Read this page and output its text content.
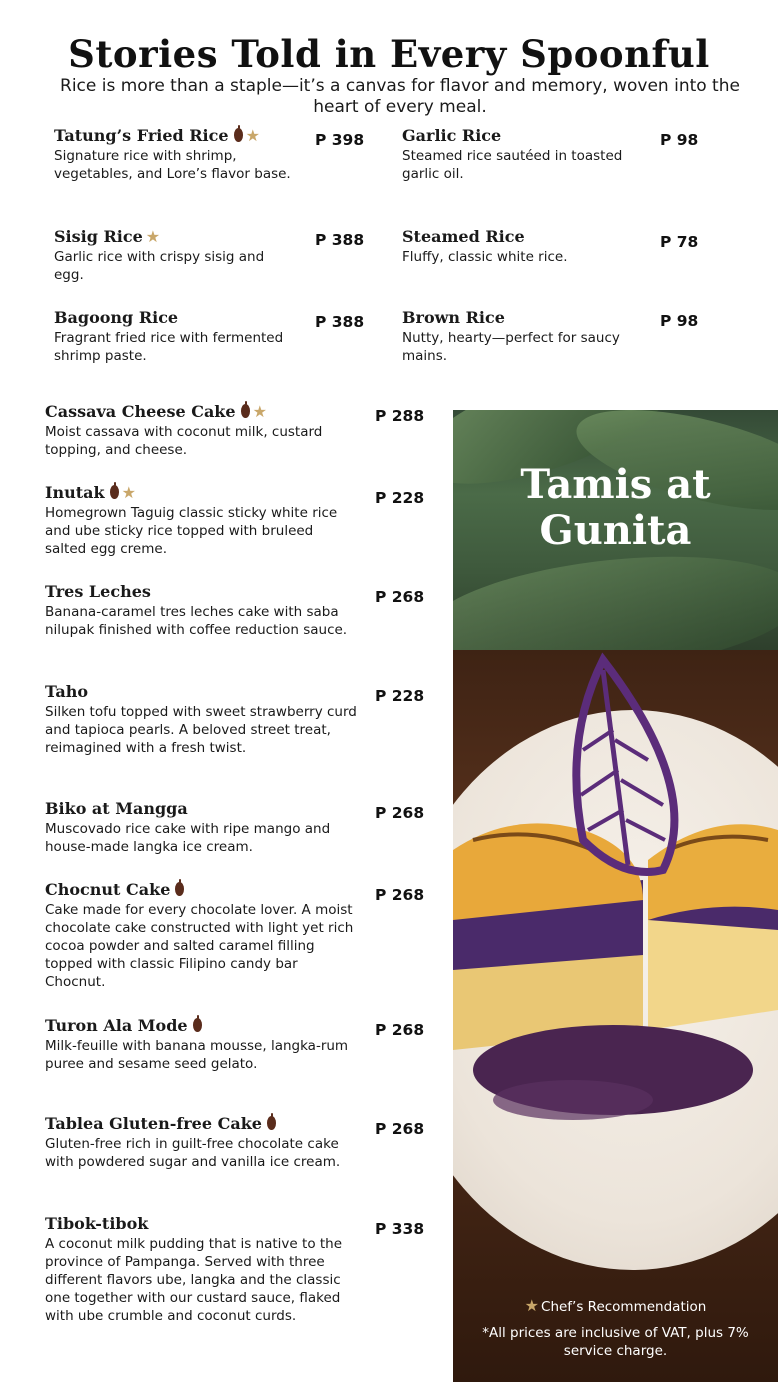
Stories Told in Every Spoonful
Rice is more than a staple—it’s a canvas for flavor and memory, woven into the heart of every meal.
Tatung’s Fried Rice ★
Signature rice with shrimp, vegetables, and Lore’s flavor base.
P 398 Garlic Rice
Steamed rice sautéed in toasted garlic oil.
P 98
Sisig Rice ★
Garlic rice with crispy sisig and egg.
P 388 Steamed Rice
Fluffy, classic white rice.
P 78
Bagoong Rice
Fragrant fried rice with fermented shrimp paste.
P 388 Brown Rice
Nutty, hearty—perfect for saucy mains.
P 98
Cassava Cheese Cake ★
Moist cassava with coconut milk, custard topping, and cheese.
P 288
Inutak ★
Homegrown Taguig classic sticky white rice and ube sticky rice topped with bruleed salted egg creme.
P 228
Tres Leches
Banana-caramel tres leches cake with saba nilupak finished with coffee reduction sauce.
P 268
Taho
Silken tofu topped with sweet strawberry curd and tapioca pearls. A beloved street treat, reimagined with a fresh twist.
P 228
Biko at Mangga
Muscovado rice cake with ripe mango and house-made langka ice cream.
P 268
Chocnut Cake
Cake made for every chocolate lover. A moist chocolate cake constructed with light yet rich cocoa powder and salted caramel filling topped with classic Filipino candy bar Chocnut.
P 268
Turon Ala Mode
Milk-feuille with banana mousse, langka-rum puree and sesame seed gelato.
P 268
Tablea Gluten-free Cake
Gluten-free rich in guilt-free chocolate cake with powdered sugar and vanilla ice cream.
P 268
Tibok-tibok
A coconut milk pudding that is native to the province of Pampanga. Served with three different flavors ube, langka and the classic one together with our custard sauce, flaked with ube crumble and coconut curds.
P 338
Tamis at
Gunita
★ Chef’s Recommendation
*All prices are inclusive of VAT, plus 7% service charge.
